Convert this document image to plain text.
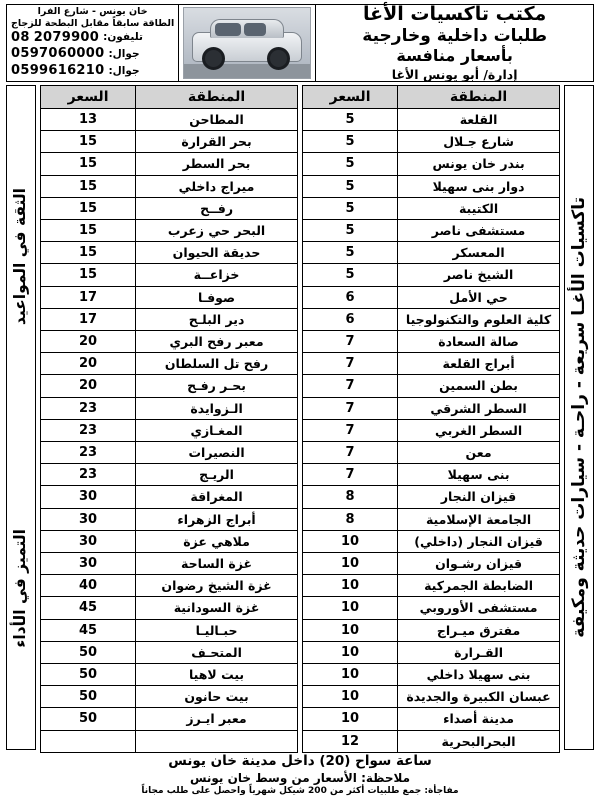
مكتب تاكسيات الأغا
طلبات داخلية وخارجية
بأسعار منافسة
إدارة/ أبو يونس الأغا
خان يونس - شارع الفرا
الطاقة سابقاً مقابل البطحة للزجاج
تليفون:
2079900
08
جوال:
0597060000
جوال:
0599616210
تاكسيات الأغـا سريعة - راحـة - سيارات حديثة ومكيفة
المنطقة	السعر
القلعة	5
شارع جـلال	5
بندر خان يونس	5
دوار بنى سهيلا	5
الكتيبة	5
مستشفى ناصر	5
المعسكر	5
الشيخ ناصر	5
حي الأمل	6
كلية العلوم والتكنولوجيا	6
صالة السعادة	7
أبراج القلعة	7
بطن السمين	7
السطر الشرقي	7
السطر الغربي	7
معن	7
بنى سهيلا	7
قيزان النجار	8
الجامعة الإسلامية	8
قيزان النجار (داخلي)	10
قيزان رشـوان	10
الضابطة الجمركية	10
مستشفى الأوروبي	10
مفترق ميـراج	10
القـرارة	10
بنى سهيلا داخلي	10
عبسان الكبيرة والجديدة	10
مدينة أصداء	10
البحرالبحرية	12
المنطقة	السعر
المطاحن	13
بحر القرارة	15
بحر السطر	15
ميراج داخلي	15
رفــح	15
البحر حي زعرب	15
حديقة الحيوان	15
خزاعــة	15
صوفـا	17
دير البلـح	17
معبر رفح البري	20
رفح تل السلطان	20
بحـر رفـح	20
الـزوايدة	23
المغـازي	23
النصيرات	23
الريـج	23
المغراقة	30
أبراج الزهراء	30
ملاهي عزة	30
غزة الساحة	30
غزة الشيخ رضوان	40
غزة السودانية	45
حبـاليـا	45
المتحـف	50
بيت لاهيا	50
بيت حانون	50
معبر ايـرز	50

الثقة في المواعيد
التميز في الأداء
ساعة سواح (20) داخل مدينة خان يونس
ملاحظة: الأسعار من وسط خان يونس
مفاجأة: جمع طلبيات أكثر من 200 شيكل شهرياً واحصل على طلب مجاناً
